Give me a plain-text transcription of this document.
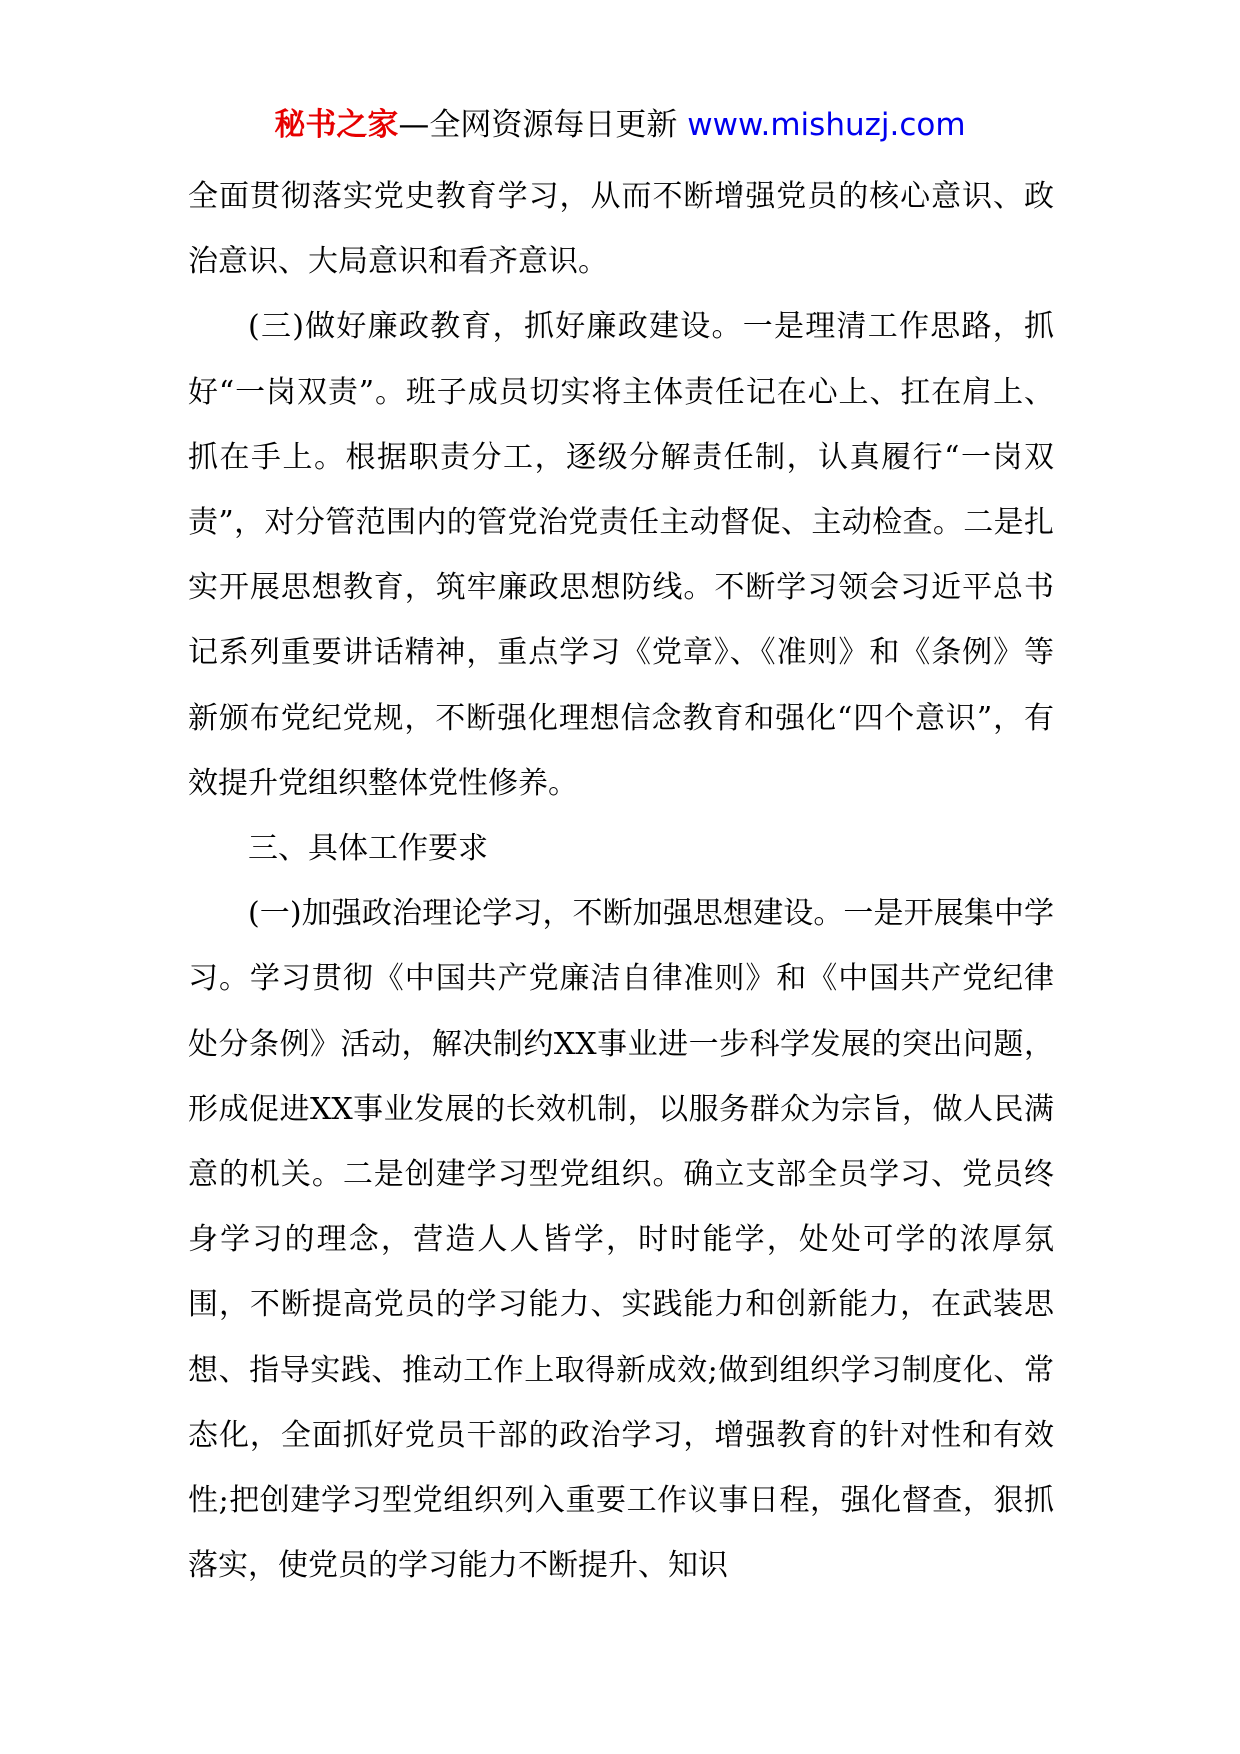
秘书之家—全网资源每日更新 www.mishuzj.com

全面贯彻落实党史教育学习，从而不断增强党员的核心意识、政治意识、大局意识和看齐意识。

(三)做好廉政教育，抓好廉政建设。一是理清工作思路，抓好“一岗双责”。班子成员切实将主体责任记在心上、扛在肩上、抓在手上。根据职责分工，逐级分解责任制，认真履行“一岗双责”，对分管范围内的管党治党责任主动督促、主动检查。二是扎实开展思想教育，筑牢廉政思想防线。不断学习领会习近平总书记系列重要讲话精神，重点学习《党章》、《准则》和《条例》等新颁布党纪党规，不断强化理想信念教育和强化“四个意识”，有效提升党组织整体党性修养。

三、具体工作要求

(一)加强政治理论学习，不断加强思想建设。一是开展集中学习。学习贯彻《中国共产党廉洁自律准则》和《中国共产党纪律处分条例》活动，解决制约XX事业进一步科学发展的突出问题，形成促进XX事业发展的长效机制，以服务群众为宗旨，做人民满意的机关。二是创建学习型党组织。确立支部全员学习、党员终身学习的理念，营造人人皆学，时时能学，处处可学的浓厚氛围，不断提高党员的学习能力、实践能力和创新能力，在武装思想、指导实践、推动工作上取得新成效;做到组织学习制度化、常态化，全面抓好党员干部的政治学习，增强教育的针对性和有效性;把创建学习型党组织列入重要工作议事日程，强化督查，狠抓落实，使党员的学习能力不断提升、知识
